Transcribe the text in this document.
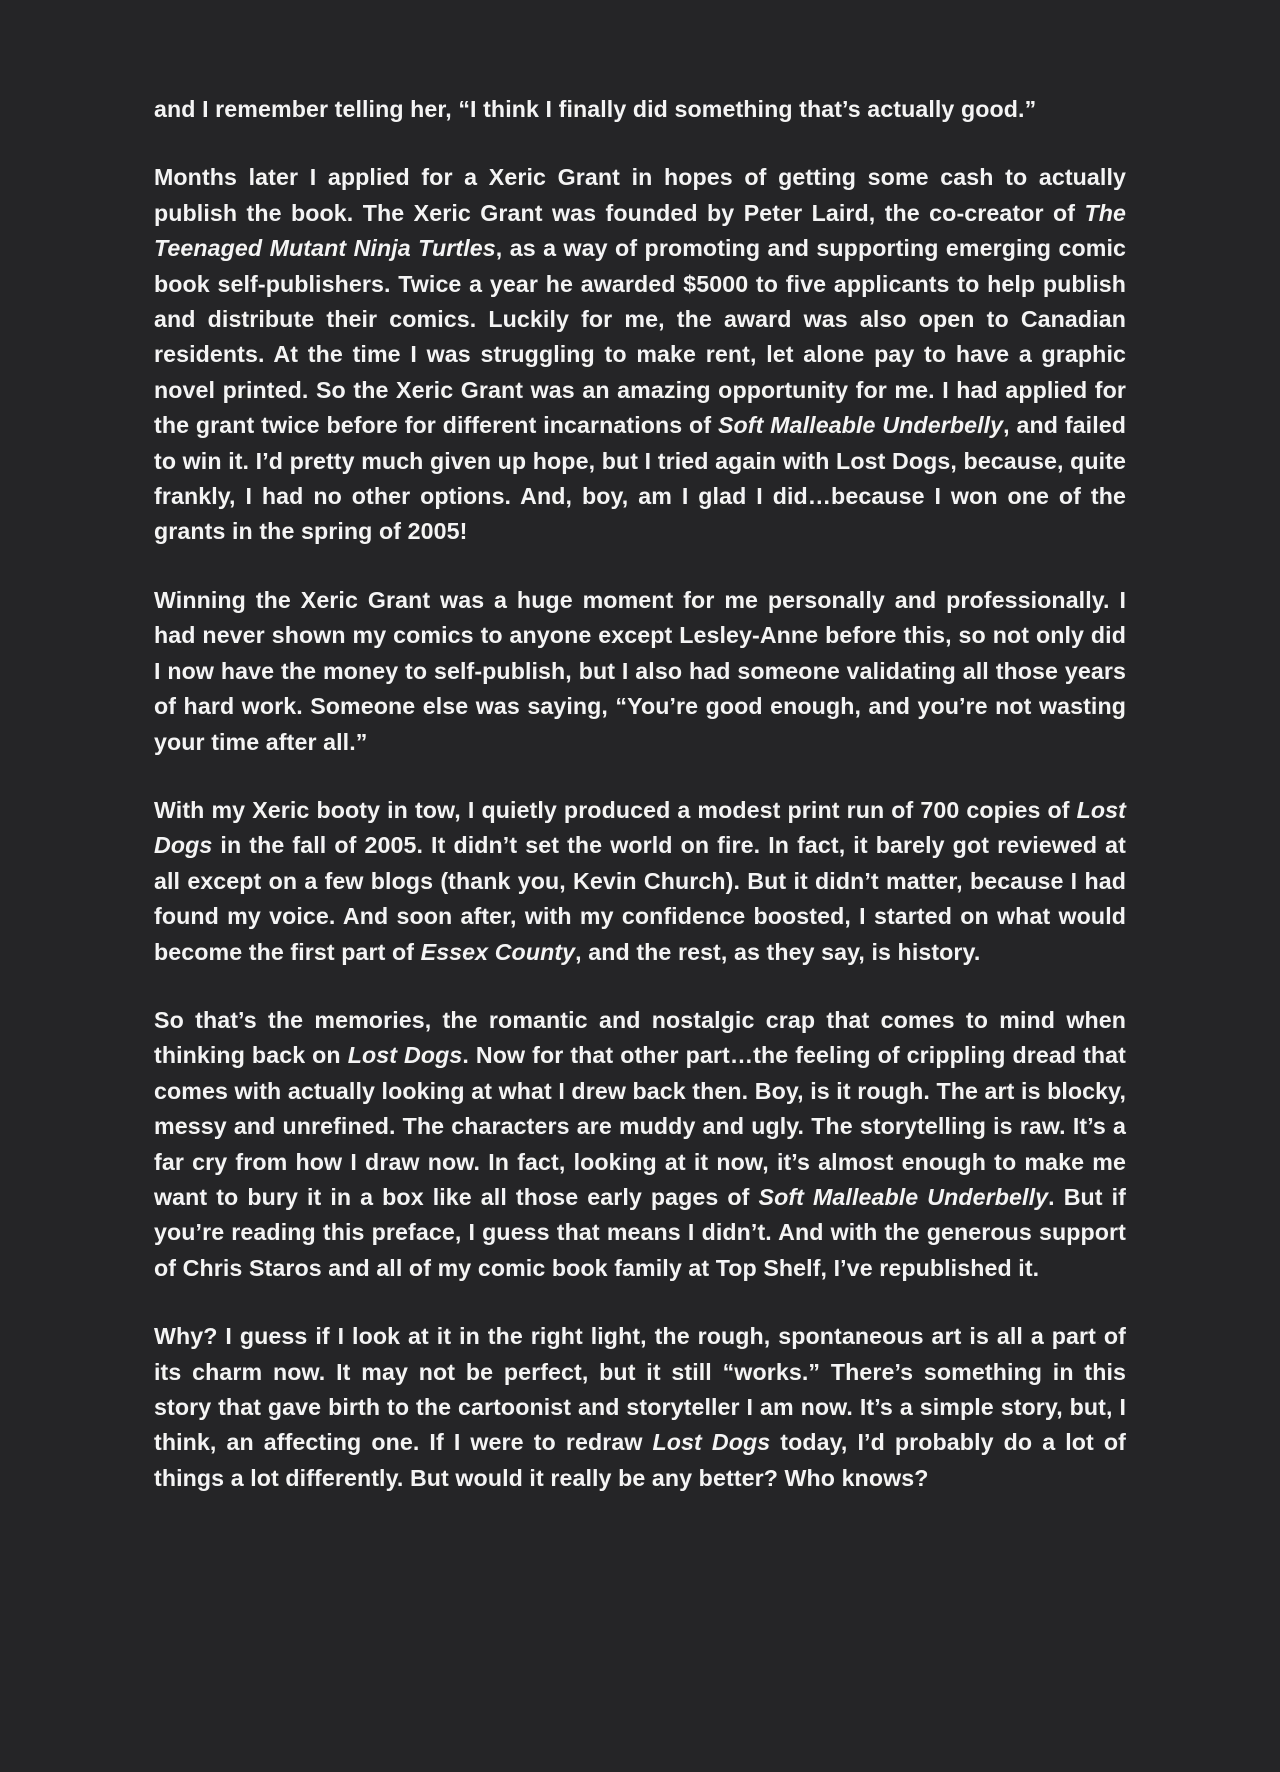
and I remember telling her, “I think I finally did something that’s actually good.”

Months later I applied for a Xeric Grant in hopes of getting some cash to actually publish the book. The Xeric Grant was founded by Peter Laird, the co-creator of The Teenaged Mutant Ninja Turtles, as a way of promoting and supporting emerging comic book self-publishers. Twice a year he awarded $5000 to five applicants to help publish and distribute their comics. Luckily for me, the award was also open to Canadian residents. At the time I was struggling to make rent, let alone pay to have a graphic novel printed. So the Xeric Grant was an amazing opportunity for me. I had applied for the grant twice before for different incarnations of Soft Malleable Underbelly, and failed to win it. I’d pretty much given up hope, but I tried again with Lost Dogs, because, quite frankly, I had no other options. And, boy, am I glad I did…because I won one of the grants in the spring of 2005!

Winning the Xeric Grant was a huge moment for me personally and professionally. I had never shown my comics to anyone except Lesley-Anne before this, so not only did I now have the money to self-publish, but I also had someone validating all those years of hard work. Someone else was saying, “You’re good enough, and you’re not wasting your time after all.”

With my Xeric booty in tow, I quietly produced a modest print run of 700 copies of Lost Dogs in the fall of 2005. It didn’t set the world on fire. In fact, it barely got reviewed at all except on a few blogs (thank you, Kevin Church). But it didn’t matter, because I had found my voice. And soon after, with my confidence boosted, I started on what would become the first part of Essex County, and the rest, as they say, is history.

So that’s the memories, the romantic and nostalgic crap that comes to mind when thinking back on Lost Dogs. Now for that other part…the feeling of crippling dread that comes with actually looking at what I drew back then. Boy, is it rough. The art is blocky, messy and unrefined. The characters are muddy and ugly. The storytelling is raw. It’s a far cry from how I draw now. In fact, looking at it now, it’s almost enough to make me want to bury it in a box like all those early pages of Soft Malleable Underbelly. But if you’re reading this preface, I guess that means I didn’t. And with the generous support of Chris Staros and all of my comic book family at Top Shelf, I’ve republished it.

Why? I guess if I look at it in the right light, the rough, spontaneous art is all a part of its charm now. It may not be perfect, but it still “works.” There’s something in this story that gave birth to the cartoonist and storyteller I am now. It’s a simple story, but, I think, an affecting one. If I were to redraw Lost Dogs today, I’d probably do a lot of things a lot differently. But would it really be any better? Who knows?
